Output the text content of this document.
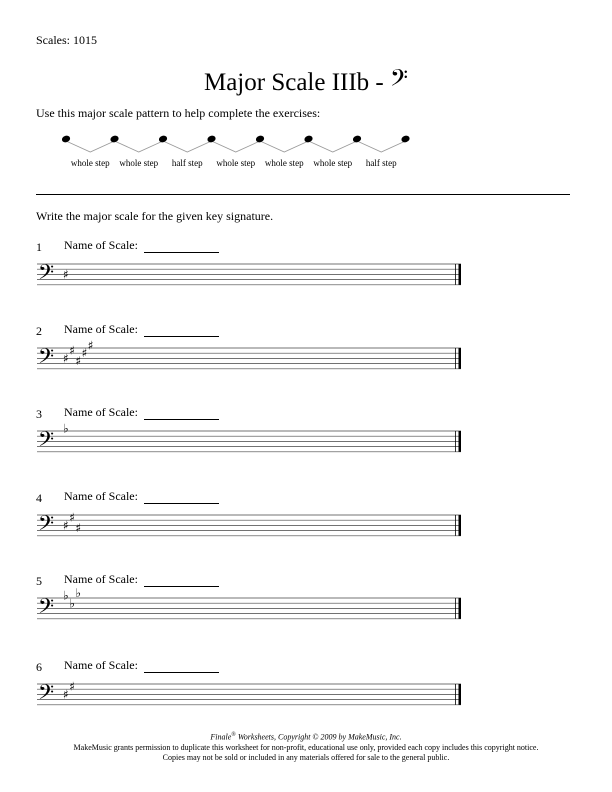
Scales: 1015
Major Scale IIIb - 𝄢
Use this major scale pattern to help complete the exercises:
whole step whole step half step whole step whole step whole step half step
Write the major scale for the given key signature.
1 Name of Scale:
𝄢 ♯
2 Name of Scale:
𝄢 ♯
♯
♯
♯
♯
3 Name of Scale:
𝄢 ♭
4 Name of Scale:
𝄢 ♯
♯
♯
5 Name of Scale:
𝄢 ♭
♭
♭
6 Name of Scale:
𝄢 ♯
♯
Finale® Worksheets, Copyright © 2009 by MakeMusic, Inc.
MakeMusic grants permission to duplicate this worksheet for non-profit, educational use only, provided each copy includes this copyright notice.
Copies may not be sold or included in any materials offered for sale to the general public.
